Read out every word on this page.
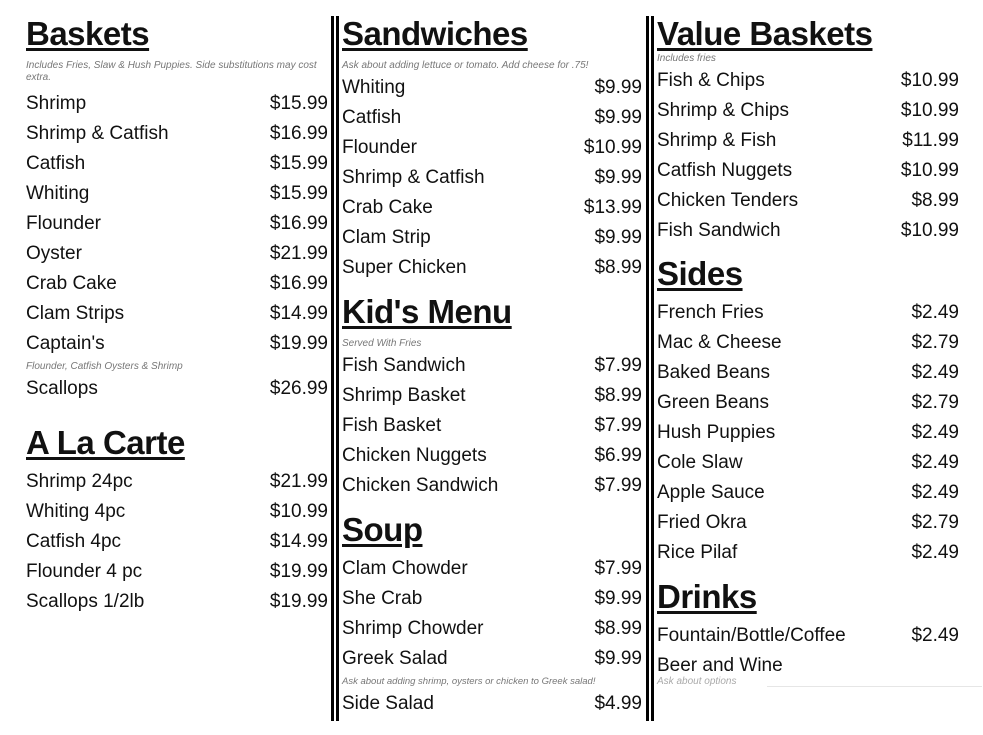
Baskets
Includes Fries, Slaw & Hush Puppies. Side substitutions may cost extra.
Shrimp	$15.99
Shrimp & Catfish	$16.99
Catfish	$15.99
Whiting	$15.99
Flounder	$16.99
Oyster	$21.99
Crab Cake	$16.99
Clam Strips	$14.99
Captain's	$19.99
Flounder, Catfish Oysters & Shrimp
Scallops	$26.99
A La Carte
Shrimp 24pc	$21.99
Whiting 4pc	$10.99
Catfish 4pc	$14.99
Flounder 4 pc	$19.99
Scallops 1/2lb	$19.99
Sandwiches
Ask about adding lettuce or tomato. Add cheese for .75!
Whiting	$9.99
Catfish	$9.99
Flounder	$10.99
Shrimp & Catfish	$9.99
Crab Cake	$13.99
Clam Strip	$9.99
Super Chicken	$8.99
Kid's Menu
Served With Fries
Fish Sandwich	$7.99
Shrimp Basket	$8.99
Fish Basket	$7.99
Chicken Nuggets	$6.99
Chicken Sandwich	$7.99
Soup
Clam Chowder	$7.99
She Crab	$9.99
Shrimp Chowder	$8.99
Greek Salad	$9.99
Ask about adding shrimp, oysters or chicken to Greek salad!
Side Salad	$4.99
Value Baskets
Includes fries
Fish & Chips	$10.99
Shrimp & Chips	$10.99
Shrimp & Fish	$11.99
Catfish Nuggets	$10.99
Chicken Tenders	$8.99
Fish Sandwich	$10.99
Sides
French Fries	$2.49
Mac & Cheese	$2.79
Baked Beans	$2.49
Green Beans	$2.79
Hush Puppies	$2.49
Cole Slaw	$2.49
Apple Sauce	$2.49
Fried Okra	$2.79
Rice Pilaf	$2.49
Drinks
Fountain/Bottle/Coffee	$2.49
Beer and Wine
Ask about options
